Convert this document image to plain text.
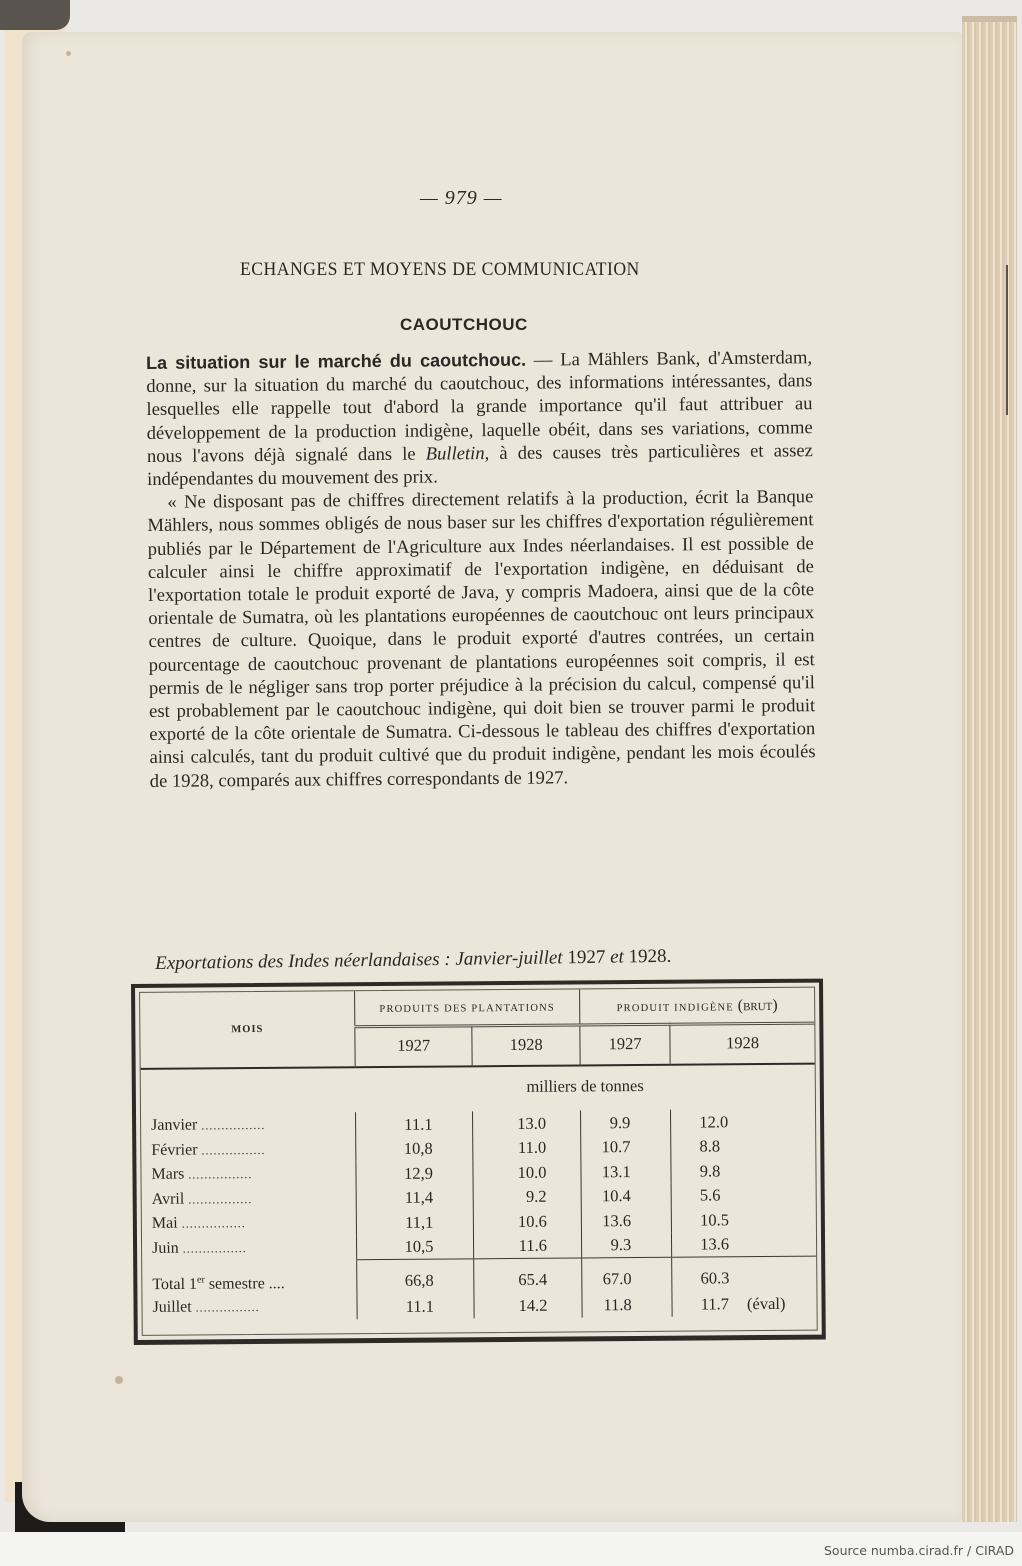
— 979 —
ECHANGES ET MOYENS DE COMMUNICATION
CAOUTCHOUC

La situation sur le marché du caoutchouc. — La Mählers Bank, d'Amsterdam, donne, sur la situation du marché du caoutchouc, des informations intéressantes, dans lesquelles elle rappelle tout d'abord la grande importance qu'il faut attribuer au développement de la production indigène, laquelle obéit, dans ses variations, comme nous l'avons déjà signalé dans le Bulletin, à des causes très particulières et assez indépendantes du mouvement des prix.

« Ne disposant pas de chiffres directement relatifs à la production, écrit la Banque Mählers, nous sommes obligés de nous baser sur les chiffres d'exportation régulièrement publiés par le Département de l'Agriculture aux Indes néerlandaises. Il est possible de calculer ainsi le chiffre approximatif de l'exportation indigène, en déduisant de l'exportation totale le produit exporté de Java, y compris Madoera, ainsi que de la côte orientale de Sumatra, où les plantations européennes de caoutchouc ont leurs principaux centres de culture. Quoique, dans le produit exporté d'autres contrées, un certain pourcentage de caoutchouc provenant de plantations européennes soit compris, il est permis de le négliger sans trop porter préjudice à la précision du calcul, compensé qu'il est probablement par le caoutchouc indigène, qui doit bien se trouver parmi le produit exporté de la côte orientale de Sumatra. Ci-dessous le tableau des chiffres d'exportation ainsi calculés, tant du produit cultivé que du produit indigène, pendant les mois écoulés de 1928, comparés aux chiffres correspondants de 1927.

Exportations des Indes néerlandaises : Janvier-juillet 1927 et 1928.
MOIS	PRODUITS DES PLANTATIONS		PRODUIT INDIGÈNE (brut)	
	1927	1928	1927	1928
	milliers de tonnes			
Janvier .....	11.1	13.0	9.9	12.0
Février .....	10,8	11.0	10.7	8.8
Mars .....	12,9	10.0	13.1	9.8
Avril .....	11,4	9.2	10.4	5.6
Mai .....	11,1	10.6	13.6	10.5
Juin .....	10,5	11.6	9.3	13.6

Total 1er semestre ....	66,8	65.4	67.0	60.3
Juillet .....	11.1	14.2	11.8	11.7 (éval)
Source numba.cirad.fr / CIRAD
